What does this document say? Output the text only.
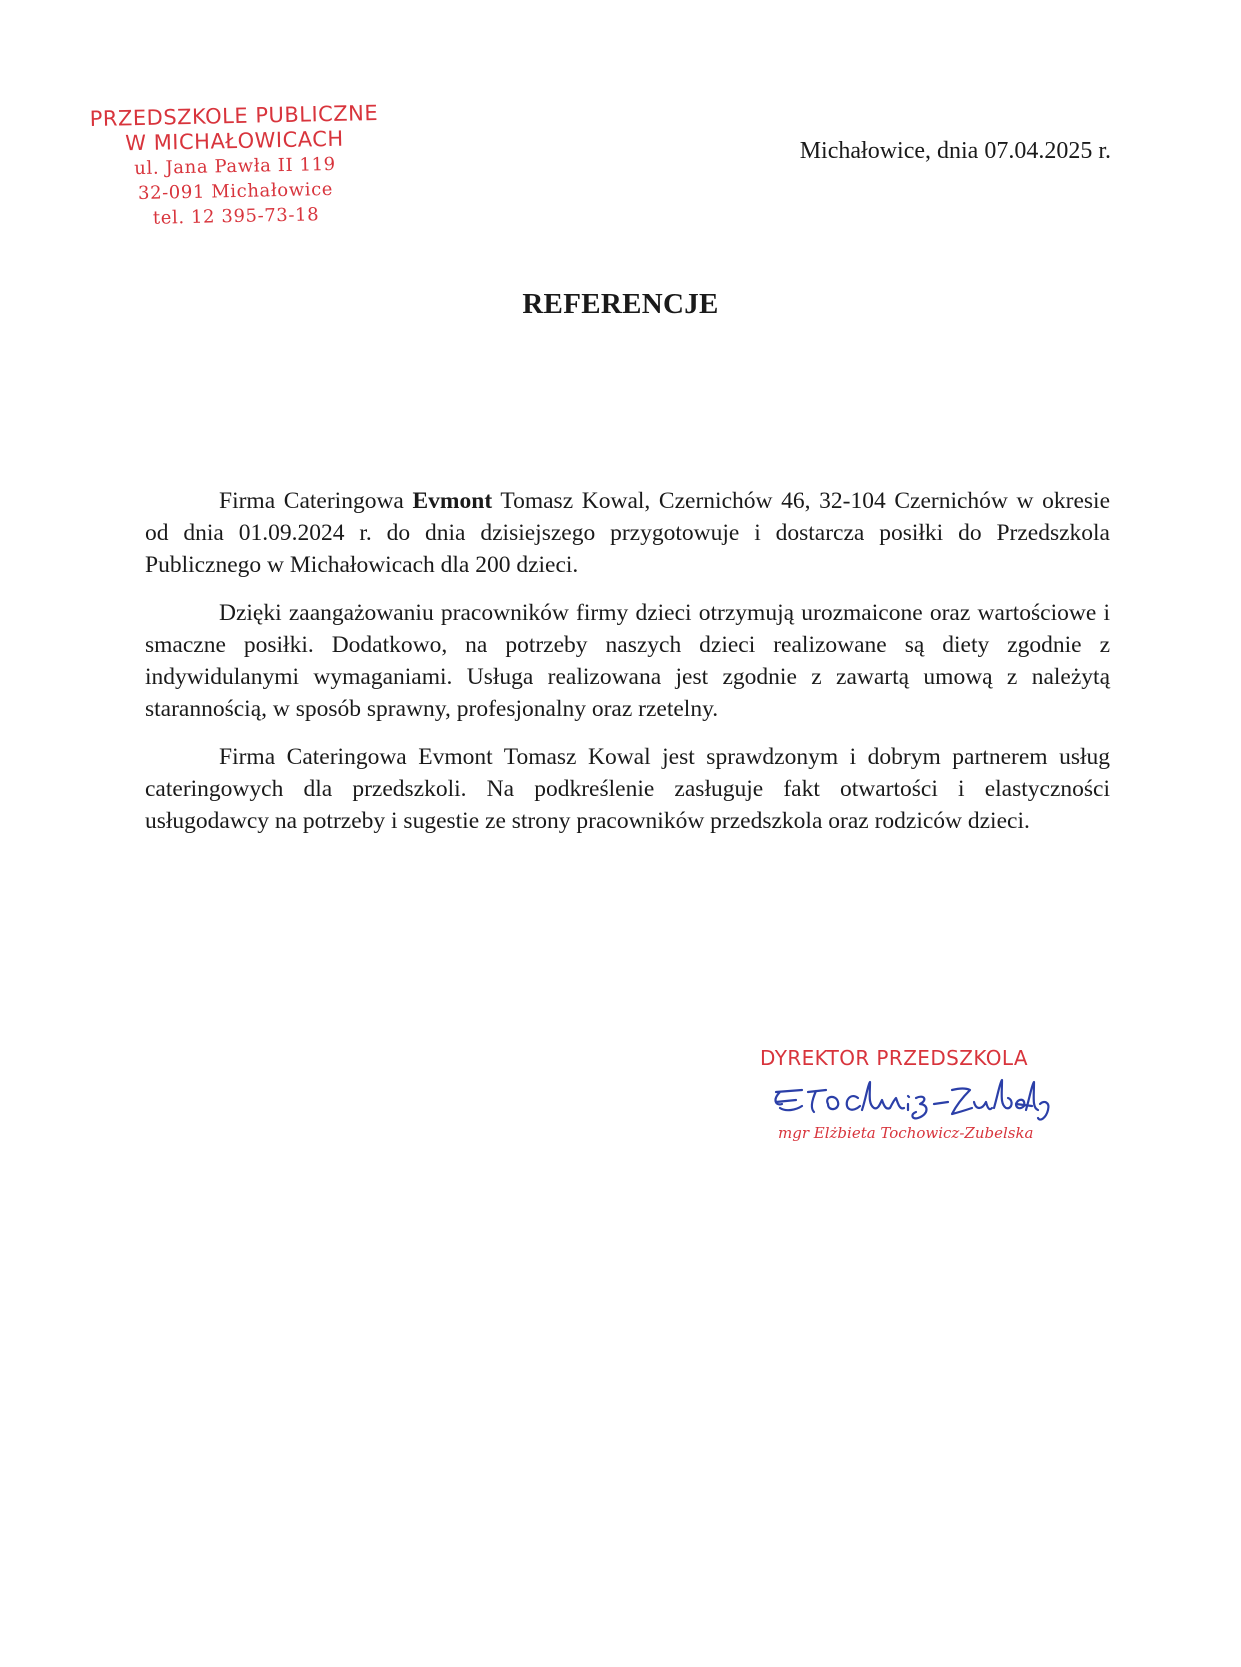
PRZEDSZKOLE PUBLICZNE
W MICHAŁOWICACH
ul. Jana Pawła II 119
32-091 Michałowice
tel. 12 395-73-18
Michałowice, dnia 07.04.2025 r.
REFERENCJE

Firma Cateringowa Evmont Tomasz Kowal, Czernichów 46, 32-104 Czernichów w okresie od dnia 01.09.2024 r. do dnia dzisiejszego przygotowuje i dostarcza posiłki do Przedszkola Publicznego w Michałowicach dla 200 dzieci.

Dzięki zaangażowaniu pracowników firmy dzieci otrzymują urozmaicone oraz wartościowe i smaczne posiłki. Dodatkowo, na potrzeby naszych dzieci realizowane są diety zgodnie z indywidulanymi wymaganiami. Usługa realizowana jest zgodnie z zawartą umową z należytą starannością, w sposób sprawny, profesjonalny oraz rzetelny.

Firma Cateringowa Evmont Tomasz Kowal jest sprawdzonym i dobrym partnerem usług cateringowych dla przedszkoli. Na podkreślenie zasługuje fakt otwartości i elastyczności usługodawcy na potrzeby i sugestie ze strony pracowników przedszkola oraz rodziców dzieci.

DYREKTOR PRZEDSZKOLA
mgr Elżbieta Tochowicz-Zubelska
